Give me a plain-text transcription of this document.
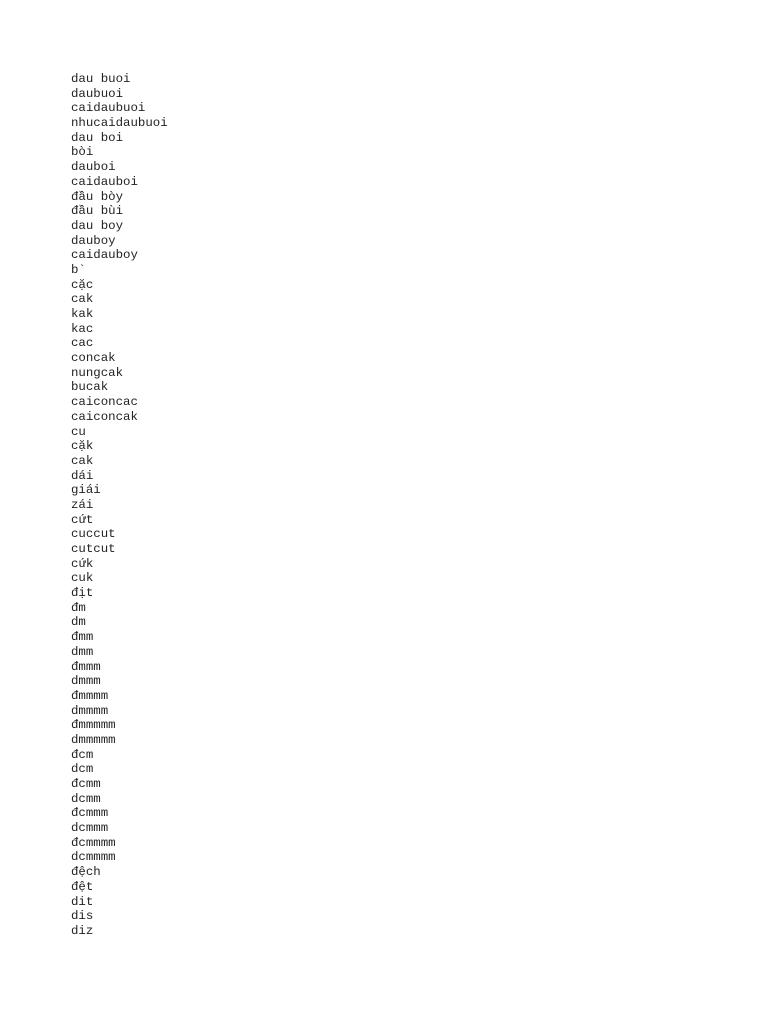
dau buoi
daubuoi
caidaubuoi
nhucaidaubuoi
dau boi
bòi
dauboi
caidauboi
đầu bòy
đầu bùi
dau boy
dauboy
caidauboy
b`
cặc
cak
kak
kac
cac
concak
nungcak
bucak
caiconcac
caiconcak
cu
cặk
cak
dái
giái
zái
cứt
cuccut
cutcut
cứk
cuk
địt
đm
dm
đmm
dmm
đmmm
dmmm
đmmmm
dmmmm
đmmmmm
dmmmmm
đcm
dcm
đcmm
dcmm
đcmmm
dcmmm
đcmmmm
dcmmmm
đệch
đệt
dit
dis
diz
